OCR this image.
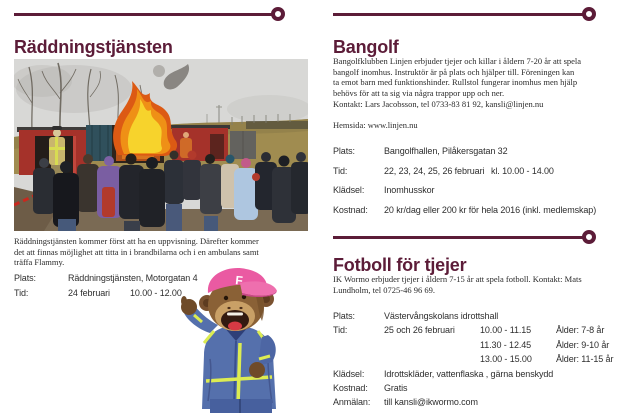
Räddningstjänsten
Räddningstjänsten kommer först att ha en uppvisning. Därefter kommer
det att finnas möjlighet att titta in i brandbilarna och i en ambulans samt
träffa Flammy.
Plats:	Räddningstjänsten, Motorgatan 4
Tid:	24 februari	10.00 - 12.00
F
Bangolf
Bangolfklubben Linjen erbjuder tjejer och killar i åldern 7-20 år att spela
bangolf inomhus. Instruktör är på plats och hjälper till. Föreningen kan
ta emot barn med funktionshinder. Rullstol fungerar inomhus men hjälp
behövs för att ta sig via några trappor upp och ner.
Kontakt: Lars Jacobsson, tel 0733-83 81 92, kansli@linjen.nu
Hemsida: www.linjen.nu
Plats:	Bangolfhallen, Pilåkersgatan 32
Tid:	22, 23, 24, 25, 26 februari kl. 10.00 - 14.00
Klädsel:	Inomhusskor
Kostnad:	20 kr/dag eller 200 kr för hela 2016 (inkl. medlemskap)
Fotboll för tjejer
IK Wormo erbjuder tjejer i åldern 7-15 år att spela fotboll. Kontakt: Mats
Lundholm, tel 0725-46 96 69.
Plats:	Västervångskolans idrottshall
Tid:	25 och 26 februari	10.00 - 11.15	Ålder: 7-8 år
11.30 - 12.45	Ålder: 9-10 år
13.00 - 15.00	Ålder: 11-15 år
Klädsel:	Idrottskläder, vattenflaska , gärna benskydd
Kostnad:	Gratis
Anmälan:	till kansli@ikwormo.com
